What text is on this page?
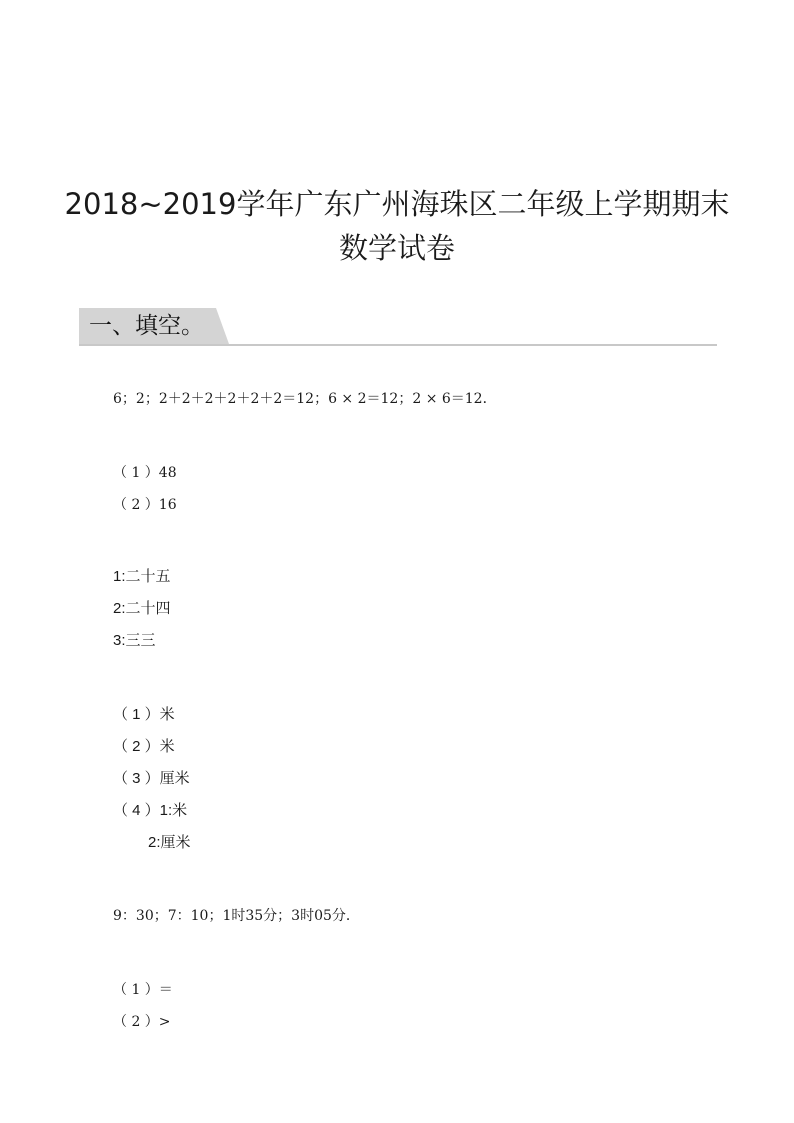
2018~2019学年广东广州海珠区二年级上学期期末
数学试卷
一、填空。
6；2；2＋2＋2＋2＋2＋2＝12；6 × 2＝12；2 × 6＝12．
（ 1 ）48
（ 2 ）16
1:二十五
2:二十四
3:三三
（ 1 ）米
（ 2 ）米
（ 3 ）厘米
（ 4 ）1:米
2:厘米
9：30；7：10；1时35分；3时05分．
（ 1 ）＝
（ 2 ）>
